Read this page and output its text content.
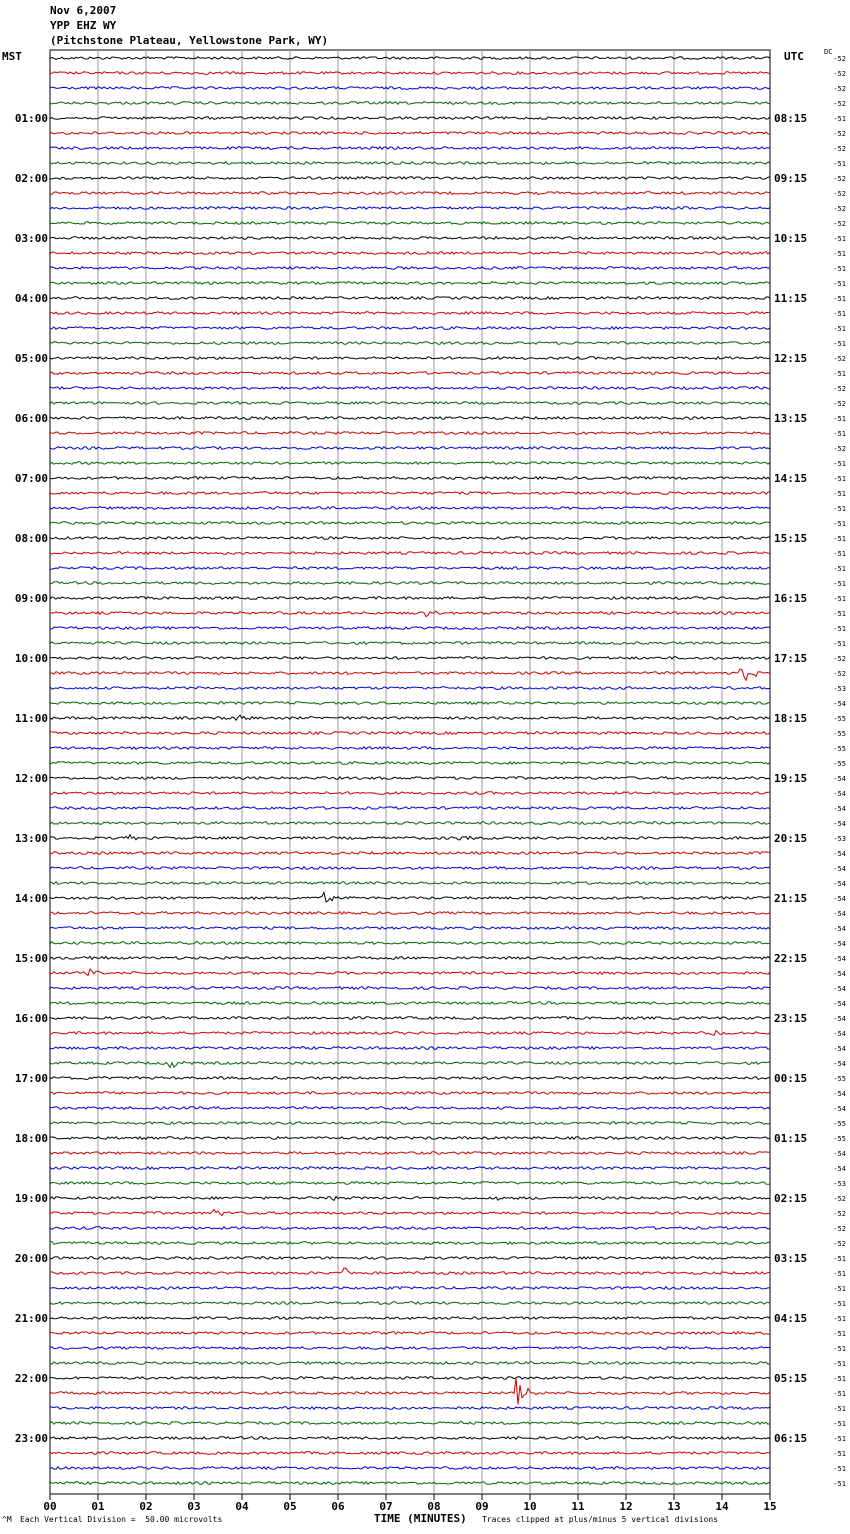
Nov 6,2007
YPP EHZ WY
(Pitchstone Plateau, Yellowstone Park, WY)
MST	UTC	DC
00	01	02	03	04	05	06	07	08	09	10	11	12	13	14	15
-52
-52
-52
-52
-51
-52
-52
-51
-52
-52
-52
-52
-51
-51
-51
-51
-51
-51
-51
-51
-52
-51
-52
-52
-51
-51
-52
-51
-51
-51
-51
-51
-51
-51
-51
-51
-51
-51
-51
-51
-52
-52
-53
-54
-55
-55
-55
-55
-54
-54
-54
-54
-53
-54
-54
-54
-54
-54
-54
-54
-54
-54
-54
-54
-54
-54
-54
-54
-55
-54
-54
-55
-55
-54
-54
-53
-52
-52
-52
-52
-51
-51
-51
-51
-51
-51
-51
-51
-51
-51
-51
-51
-51
-51
-51
-51
01:00	08:15
02:00	09:15
03:00	10:15
04:00	11:15
05:00	12:15
06:00	13:15
07:00	14:15
08:00	15:15
09:00	16:15
10:00	17:15
11:00	18:15
12:00	19:15
13:00	20:15
14:00	21:15
15:00	22:15
16:00	23:15
17:00	00:15
18:00	01:15
19:00	02:15
20:00	03:15
21:00	04:15
22:00	05:15
23:00	06:15
^M Each Vertical Division =  50.00 microvolts	TIME (MINUTES) Traces clipped at plus/minus 5 vertical divisions
